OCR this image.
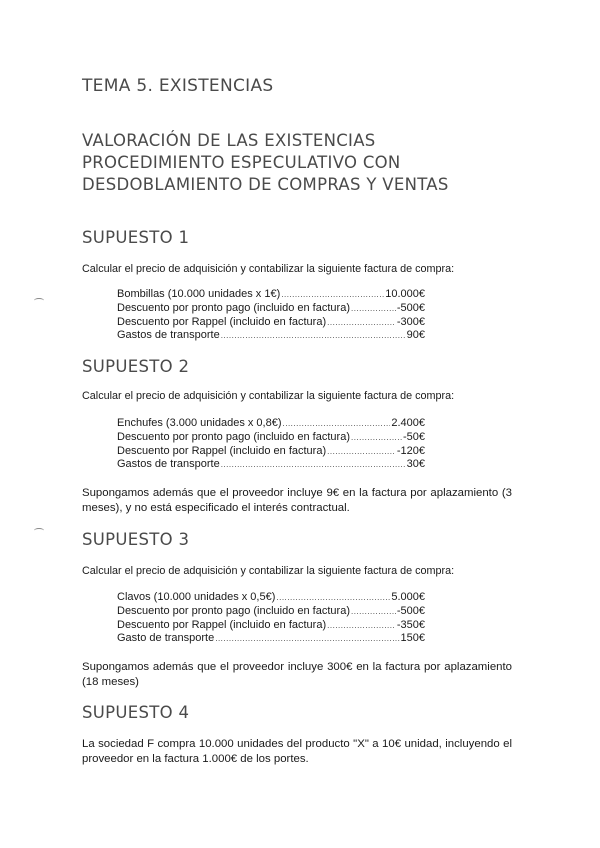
TEMA 5. EXISTENCIAS
VALORACIÓN DE LAS EXISTENCIAS
PROCEDIMIENTO ESPECULATIVO CON
DESDOBLAMIENTO DE COMPRAS Y VENTAS
SUPUESTO 1

Calcular el precio de adquisición y contabilizar la siguiente factura de compra:

Bombillas (10.000 unidades x 1€) .....	10.000€
Descuento por pronto pago (incluido en factura) .....	-500€
Descuento por Rappel (incluido en factura) .....	-300€
Gastos de transporte .....	90€
SUPUESTO 2

Calcular el precio de adquisición y contabilizar la siguiente factura de compra:

Enchufes (3.000 unidades x 0,8€) .....	2.400€
Descuento por pronto pago (incluido en factura) .....	-50€
Descuento por Rappel (incluido en factura) .....	-120€
Gastos de transporte .....	30€

Supongamos además que el proveedor incluye 9€ en la factura por aplazamiento (3 meses), y no está especificado el interés contractual.

SUPUESTO 3

Calcular el precio de adquisición y contabilizar la siguiente factura de compra:

Clavos (10.000 unidades x 0,5€) .....	5.000€
Descuento por pronto pago (incluido en factura) .....	-500€
Descuento por Rappel (incluido en factura) .....	-350€
Gasto de transporte .....	150€

Supongamos además que el proveedor incluye 300€ en la factura por aplazamiento (18 meses)

SUPUESTO 4

La sociedad F compra 10.000 unidades del producto "X" a 10€ unidad, incluyendo el proveedor en la factura 1.000€ de los portes.
